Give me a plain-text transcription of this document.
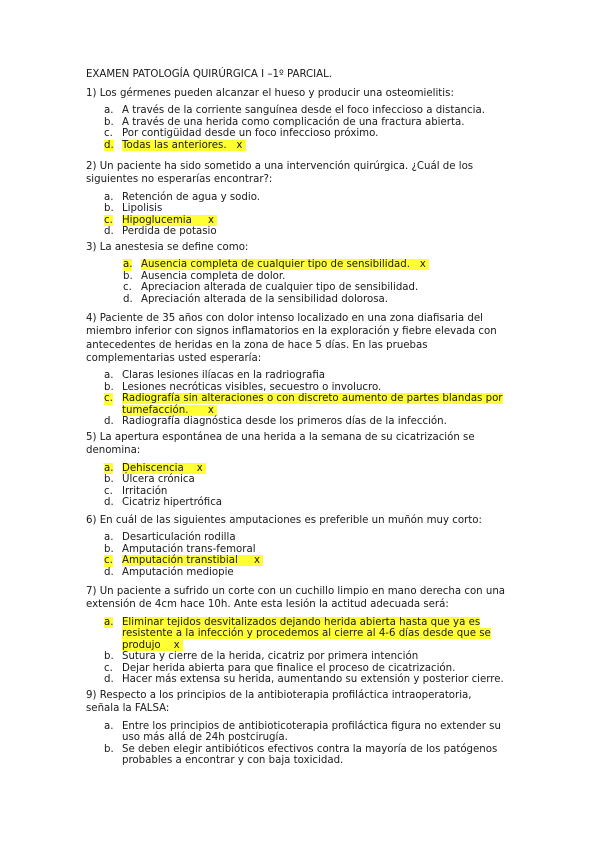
EXAMEN PATOLOGÍA QUIRÚRGICA I –1º PARCIAL.

1) Los gérmenes pueden alcanzar el hueso y producir una osteomielitis:

a. A través de la corriente sanguínea desde el foco infeccioso a distancia.
b. A través de una herida como complicación de una fractura abierta.
c. Por contigüidad desde un foco infeccioso próximo.
d. Todas las anteriores. x

2) Un paciente ha sido sometido a una intervención quirúrgica. ¿Cuál de los siguientes no esperarías encontrar?:

a. Retención de agua y sodio.
b. Lipolisis
c. Hipoglucemia x
d. Perdida de potasio

3) La anestesia se define como:

a. Ausencia completa de cualquier tipo de sensibilidad. x
b. Ausencia completa de dolor.
c. Apreciacion alterada de cualquier tipo de sensibilidad.
d. Apreciación alterada de la sensibilidad dolorosa.

4) Paciente de 35 años con dolor intenso localizado en una zona diafisaria del miembro inferior con signos inflamatorios en la exploración y fiebre elevada con antecedentes de heridas en la zona de hace 5 días. En las pruebas complementarias usted esperaría:

a. Claras lesiones ilíacas en la radriografia
b. Lesiones necróticas visibles, secuestro o involucro.
c. Radiografía sin alteraciones o con discreto aumento de partes blandas por tumefacción. x
d. Radiografía diagnóstica desde los primeros días de la infección.

5) La apertura espontánea de una herida a la semana de su cicatrización se denomina:

a. Dehiscencia x
b. Úlcera crónica
c. Irritación
d. Cicatriz hipertrófica

6) En cuál de las siguientes amputaciones es preferible un muñón muy corto:

a. Desarticulación rodilla
b. Amputación trans-femoral
c. Amputación transtibial x
d. Amputación mediopie

7) Un paciente a sufrido un corte con un cuchillo limpio en mano derecha con una extensión de 4cm hace 10h. Ante esta lesión la actitud adecuada será:

a. Eliminar tejidos desvitalizados dejando herida abierta hasta que ya es resistente a la infección y procedemos al cierre al 4-6 días desde que se produjo x
b. Sutura y cierre de la herida, cicatriz por primera intención
c. Dejar herida abierta para que finalice el proceso de cicatrización.
d. Hacer más extensa su herida, aumentando su extensión y posterior cierre.

9) Respecto a los principios de la antibioterapia profiláctica intraoperatoria, señala la FALSA:

a. Entre los principios de antibioticoterapia profiláctica figura no extender su uso más allá de 24h postcirugía.
b. Se deben elegir antibióticos efectivos contra la mayoría de los patógenos probables a encontrar y con baja toxicidad.
